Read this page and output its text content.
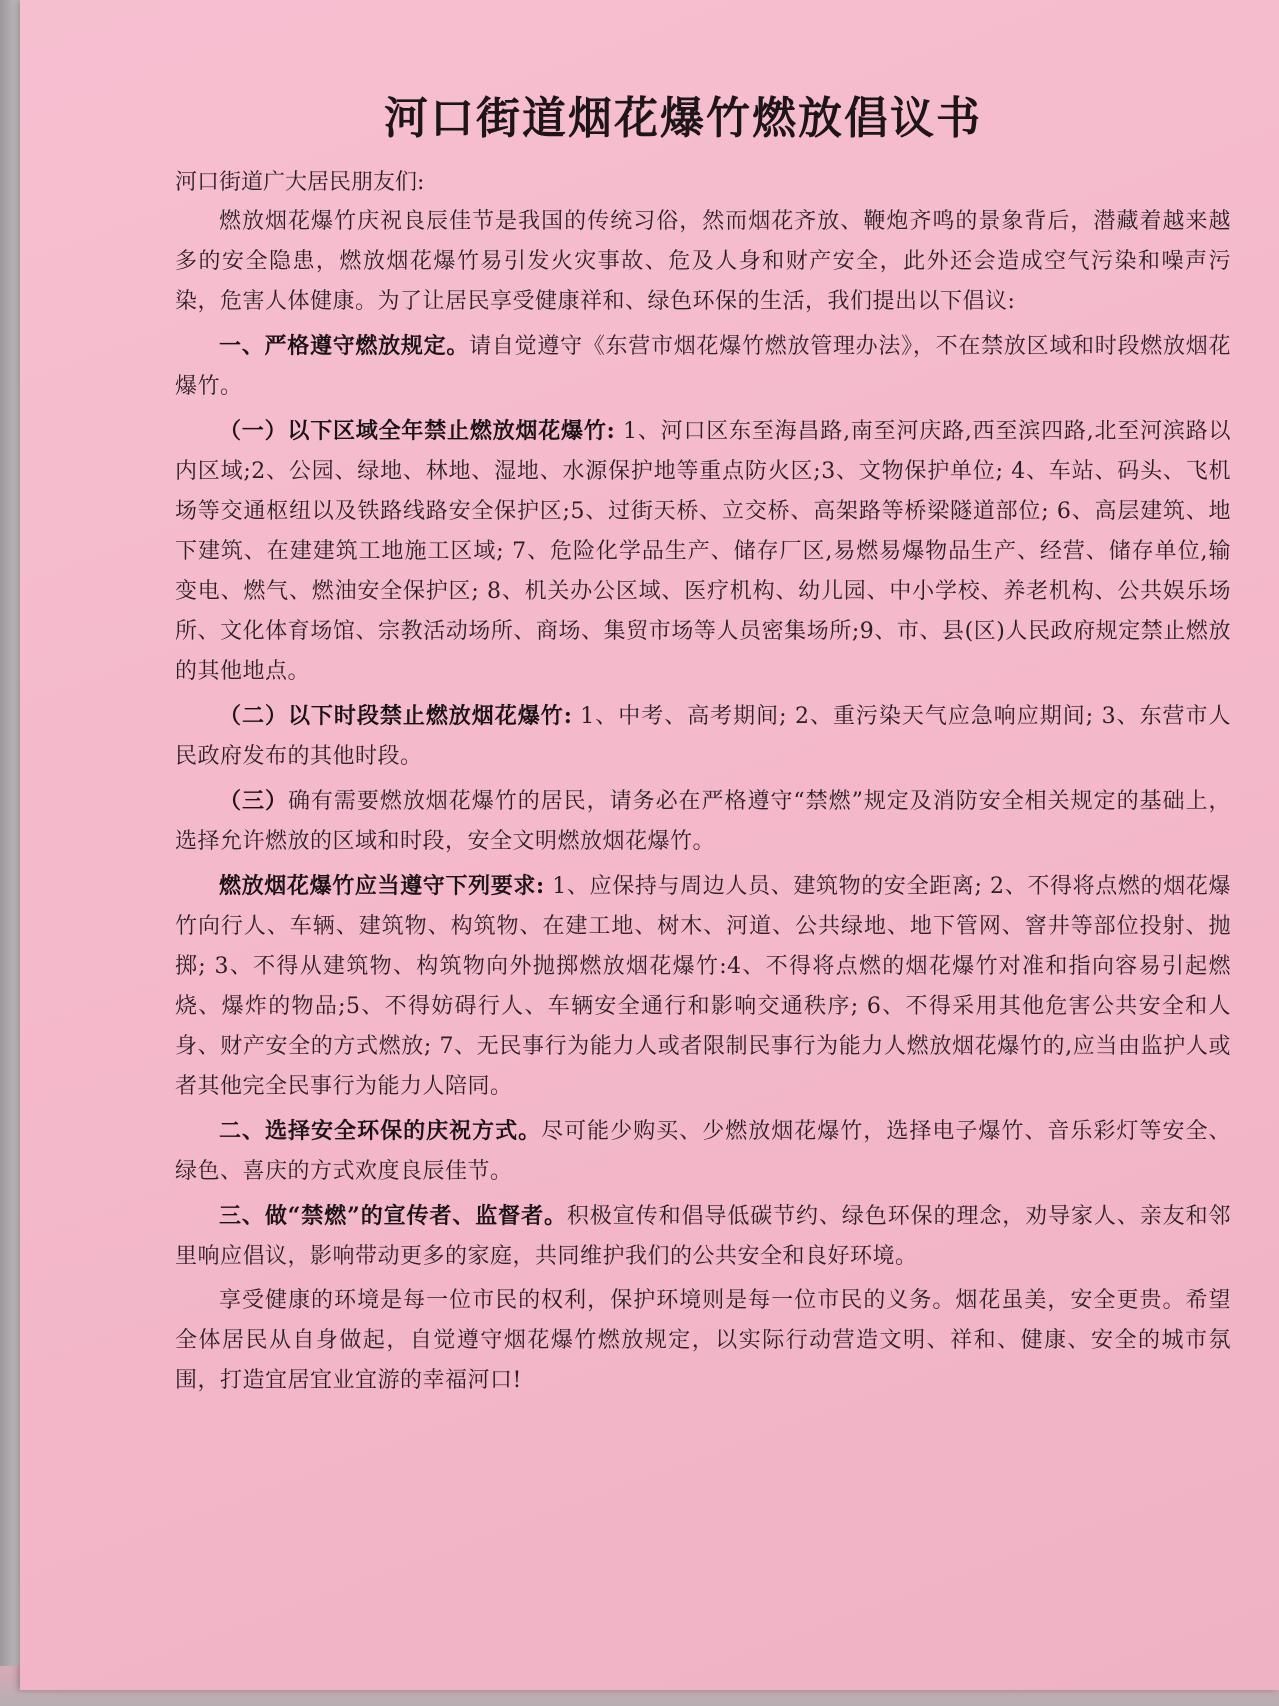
河口街道烟花爆竹燃放倡议书

河口街道广大居民朋友们:

燃放烟花爆竹庆祝良辰佳节是我国的传统习俗，然而烟花齐放、鞭炮齐鸣的景象背后，潜藏着越来越多的安全隐患，燃放烟花爆竹易引发火灾事故、危及人身和财产安全，此外还会造成空气污染和噪声污染，危害人体健康。为了让居民享受健康祥和、绿色环保的生活，我们提出以下倡议:

一、严格遵守燃放规定。请自觉遵守《东营市烟花爆竹燃放管理办法》，不在禁放区域和时段燃放烟花爆竹。

（一）以下区域全年禁止燃放烟花爆竹: 1、河口区东至海昌路,南至河庆路,西至滨四路,北至河滨路以内区域;2、公园、绿地、林地、湿地、水源保护地等重点防火区;3、文物保护单位; 4、车站、码头、飞机场等交通枢纽以及铁路线路安全保护区;5、过街天桥、立交桥、高架路等桥梁隧道部位; 6、高层建筑、地下建筑、在建建筑工地施工区域; 7、危险化学品生产、储存厂区,易燃易爆物品生产、经营、储存单位,输变电、燃气、燃油安全保护区; 8、机关办公区域、医疗机构、幼儿园、中小学校、养老机构、公共娱乐场所、文化体育场馆、宗教活动场所、商场、集贸市场等人员密集场所;9、市、县(区)人民政府规定禁止燃放的其他地点。

（二）以下时段禁止燃放烟花爆竹: 1、中考、高考期间; 2、重污染天气应急响应期间; 3、东营市人民政府发布的其他时段。

（三）确有需要燃放烟花爆竹的居民，请务必在严格遵守“禁燃”规定及消防安全相关规定的基础上，选择允许燃放的区域和时段，安全文明燃放烟花爆竹。

燃放烟花爆竹应当遵守下列要求: 1、应保持与周边人员、建筑物的安全距离; 2、不得将点燃的烟花爆竹向行人、车辆、建筑物、构筑物、在建工地、树木、河道、公共绿地、地下管网、窨井等部位投射、抛掷; 3、不得从建筑物、构筑物向外抛掷燃放烟花爆竹:4、不得将点燃的烟花爆竹对准和指向容易引起燃烧、爆炸的物品;5、不得妨碍行人、车辆安全通行和影响交通秩序; 6、不得采用其他危害公共安全和人身、财产安全的方式燃放; 7、无民事行为能力人或者限制民事行为能力人燃放烟花爆竹的,应当由监护人或者其他完全民事行为能力人陪同。

二、选择安全环保的庆祝方式。尽可能少购买、少燃放烟花爆竹，选择电子爆竹、音乐彩灯等安全、绿色、喜庆的方式欢度良辰佳节。

三、做“禁燃”的宣传者、监督者。积极宣传和倡导低碳节约、绿色环保的理念，劝导家人、亲友和邻里响应倡议，影响带动更多的家庭，共同维护我们的公共安全和良好环境。

享受健康的环境是每一位市民的权利，保护环境则是每一位市民的义务。烟花虽美，安全更贵。希望全体居民从自身做起，自觉遵守烟花爆竹燃放规定，以实际行动营造文明、祥和、健康、安全的城市氛围，打造宜居宜业宜游的幸福河口!
